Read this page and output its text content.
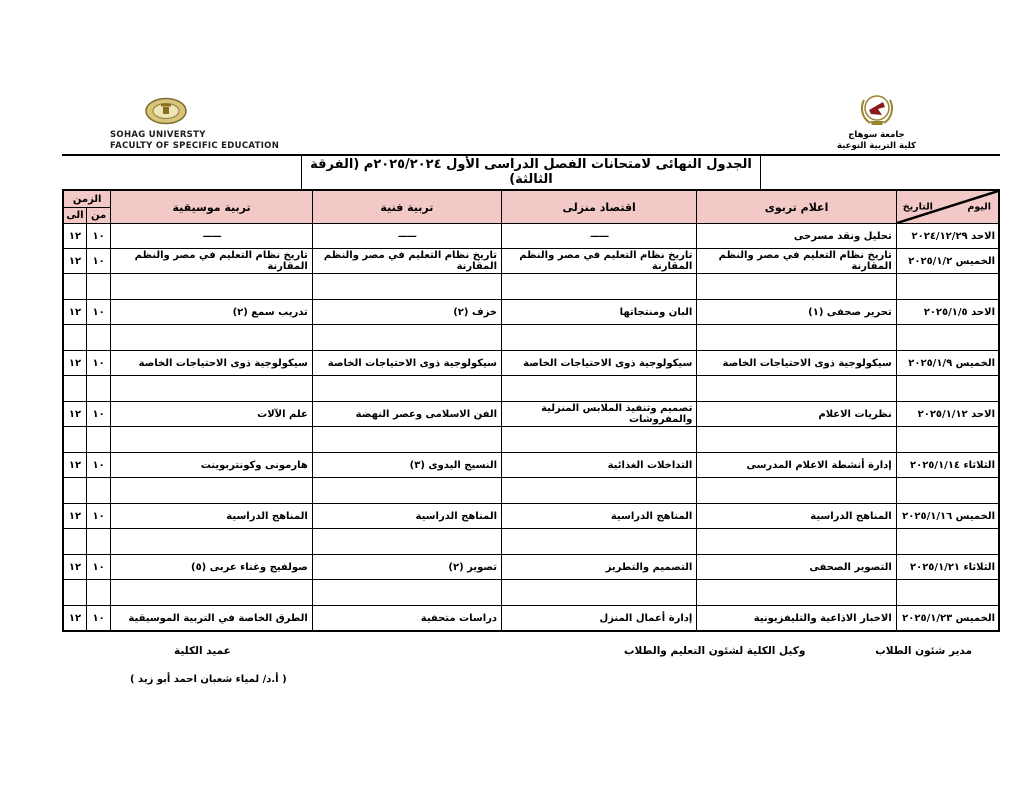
SOHAG UNIVERSTY
FACULTY OF SPECIFIC EDUCATION
جامعة سوهاج
كلية التربية النوعية
الجدول النهائى لامتحانات الفصل الدراسى الأول ٢٠٢٥/٢٠٢٤م (الفرقة الثالثة)
اليوم
التاريخ	اعلام تربوى	اقتصاد منزلى	تربية فنية	تربية موسيقية	الزمن	
					من	الى
الاحد ٢٠٢٤/١٢/٢٩	تحليل ونقد مسرحى	——	——	——	١٠	١٢
الخميس ٢٠٢٥/١/٢	تاريخ نظام التعليم في مصر والنظم المقارنة	تاريخ نظام التعليم في مصر والنظم المقارنة	تاريخ نظام التعليم في مصر والنظم المقارنة	تاريخ نظام التعليم في مصر والنظم المقارنة	١٠	١٢

الاحد ٢٠٢٥/١/٥	تحرير صحفى (١)	البان ومنتجاتها	خزف (٢)	تدريب سمع (٢)	١٠	١٢

الخميس ٢٠٢٥/١/٩	سيكولوجية ذوى الاحتياجات الخاصة	سيكولوجية ذوى الاحتياجات الخاصة	سيكولوجية ذوى الاحتياجات الخاصة	سيكولوجية ذوى الاحتياجات الخاصة	١٠	١٢

الاحد ٢٠٢٥/١/١٢	نظريات الاعلام	تصميم وتنفيذ الملابس المنزلية والمفروشات	الفن الاسلامى وعصر النهضة	علم الآلات	١٠	١٢

الثلاثاء ٢٠٢٥/١/١٤	إدارة أنشطة الاعلام المدرسى	التداخلات الغذائية	النسيج اليدوى (٣)	هارمونى وكونتربوينت	١٠	١٢

الخميس ٢٠٢٥/١/١٦	المناهج الدراسية	المناهج الدراسية	المناهج الدراسية	المناهج الدراسية	١٠	١٢

الثلاثاء ٢٠٢٥/١/٢١	التصوير الصحفى	التصميم والتطريز	تصوير (٢)	صولفيج وغناء عربى (٥)	١٠	١٢

الخميس ٢٠٢٥/١/٢٣	الاخبار الاذاعية والتليفزيونية	إدارة أعمال المنزل	دراسات متحفية	الطرق الخاصة في التربية الموسيقية	١٠	١٢
مدير شئون الطلاب
وكيل الكلية لشئون التعليم والطلاب
عميد الكلية
( أ.د/ لمياء شعبان احمد أبو زيد )
